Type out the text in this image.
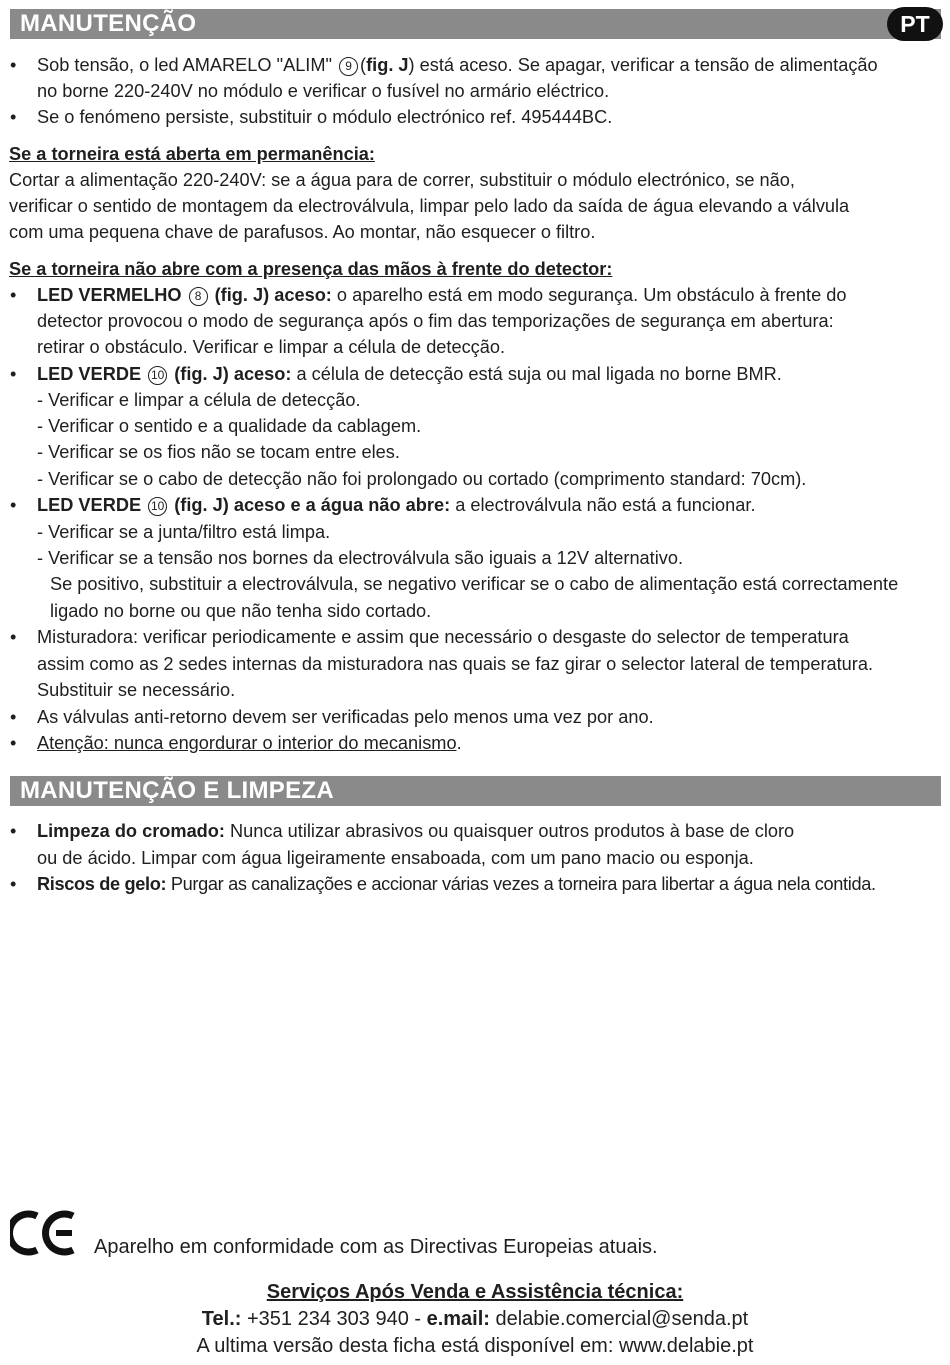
MANUTENÇÃO	PT
•	Sob tensão, o led AMARELO "ALIM" 9 (fig. J) está aceso. Se apagar, verificar a tensão de alimentação
no borne 220-240V no módulo e verificar o fusível no armário eléctrico.
•	Se o fenómeno persiste, substituir o módulo electrónico ref. 495444BC.
Se a torneira está aberta em permanência:
Cortar a alimentação 220-240V: se a água para de correr, substituir o módulo electrónico, se não,
verificar o sentido de montagem da electroválvula, limpar pelo lado da saída de água elevando a válvula
com uma pequena chave de parafusos. Ao montar, não esquecer o filtro.
Se a torneira não abre com a presença das mãos à frente do detector:
•	LED VERMELHO 8 (fig. J) aceso: o aparelho está em modo segurança. Um obstáculo à frente do
detector provocou o modo de segurança após o fim das temporizações de segurança em abertura:
retirar o obstáculo. Verificar e limpar a célula de detecção.
•	LED VERDE 10 (fig. J) aceso: a célula de detecção está suja ou mal ligada no borne BMR.
- Verificar e limpar a célula de detecção.
- Verificar o sentido e a qualidade da cablagem.
- Verificar se os fios não se tocam entre eles.
- Verificar se o cabo de detecção não foi prolongado ou cortado (comprimento standard: 70cm).
•	LED VERDE 10 (fig. J) aceso e a água não abre: a electroválvula não está a funcionar.
- Verificar se a junta/filtro está limpa.
- Verificar se a tensão nos bornes da electroválvula são iguais a 12V alternativo.
Se positivo, substituir a electroválvula, se negativo verificar se o cabo de alimentação está correctamente
ligado no borne ou que não tenha sido cortado.
•	Misturadora: verificar periodicamente e assim que necessário o desgaste do selector de temperatura
assim como as 2 sedes internas da misturadora nas quais se faz girar o selector lateral de temperatura.
Substituir se necessário.
•	As válvulas anti-retorno devem ser verificadas pelo menos uma vez por ano.
•	Atenção: nunca engordurar o interior do mecanismo.
MANUTENÇÃO E LIMPEZA
•	Limpeza do cromado: Nunca utilizar abrasivos ou quaisquer outros produtos à base de cloro
ou de ácido. Limpar com água ligeiramente ensaboada, com um pano macio ou esponja.
•	Riscos de gelo: Purgar as canalizações e accionar várias vezes a torneira para libertar a água nela contida.
Aparelho em conformidade com as Directivas Europeias atuais.
Serviços Após Venda e Assistência técnica:
Tel.: +351 234 303 940 - e.mail: delabie.comercial@senda.pt
A ultima versão desta ficha está disponível em: www.delabie.pt
